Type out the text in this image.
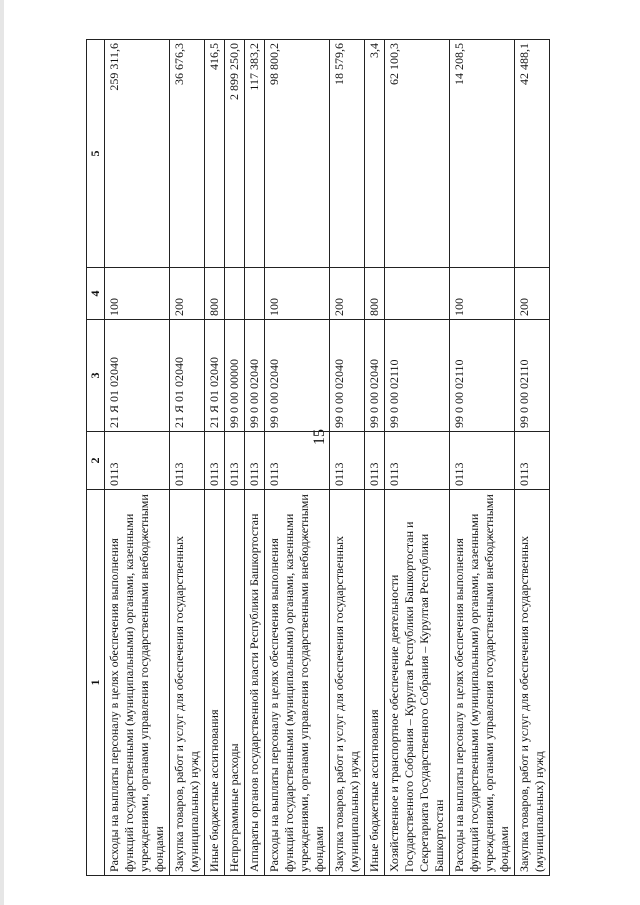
15
1	2	3	4	5
Расходы на выплаты персоналу в целях обеспечения выполнения функций государственными (муниципальными) органами, казенными учреждениями, органами управления государственными внебюджетными фондами	0113	21 Я 01 02040	100	259 311,6
Закупка товаров, работ и услуг для обеспечения государственных (муниципальных) нужд	0113	21 Я 01 02040	200	36 676,3
Иные бюджетные ассигнования	0113	21 Я 01 02040	800	416,5
Непрограммные расходы	0113	99 0 00 00000		2 899 250,0
Аппараты органов государственной власти Республики Башкортостан	0113	99 0 00 02040		117 383,2
Расходы на выплаты персоналу в целях обеспечения выполнения функций государственными (муниципальными) органами, казенными учреждениями, органами управления государственными внебюджетными фондами	0113	99 0 00 02040	100	98 800,2
Закупка товаров, работ и услуг для обеспечения государственных (муниципальных) нужд	0113	99 0 00 02040	200	18 579,6
Иные бюджетные ассигнования	0113	99 0 00 02040	800	3,4
Хозяйственное и транспортное обеспечение деятельности Государственного Собрания – Курултая Республики Башкортостан и Секретариата Государственного Собрания – Курултая Республики Башкортостан	0113	99 0 00 02110		62 100,3
Расходы на выплаты персоналу в целях обеспечения выполнения функций государственными (муниципальными) органами, казенными учреждениями, органами управления государственными внебюджетными фондами	0113	99 0 00 02110	100	14 208,5
Закупка товаров, работ и услуг для обеспечения государственных (муниципальных) нужд	0113	99 0 00 02110	200	42 488,1
